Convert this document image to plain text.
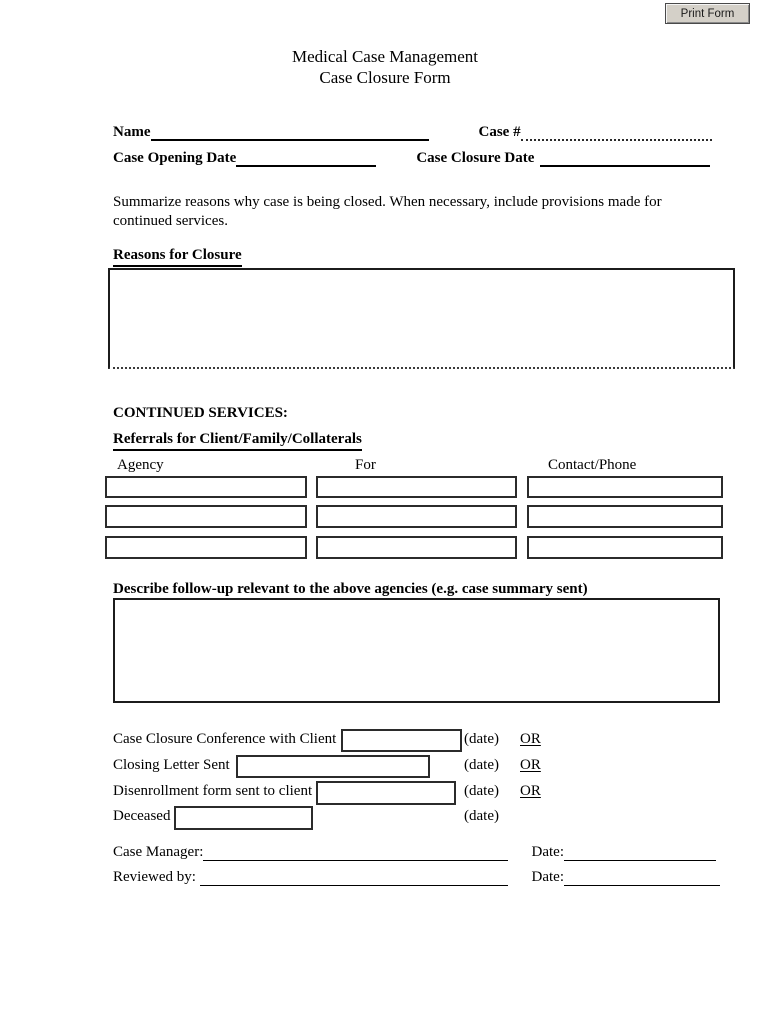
Print Form
Medical Case Management
Case Closure Form
Name	Case #
Case Opening Date	Case Closure Date
Summarize reasons why case is being closed. When necessary, include provisions made for continued services.
Reasons for Closure
CONTINUED SERVICES:
Referrals for Client/Family/Collaterals
Agency	For	Contact/Phone
Describe follow-up relevant to the above agencies (e.g. case summary sent)
Case Closure Conference with Client	(date) OR
Closing Letter Sent	(date) OR
Disenrollment form sent to client	(date) OR
Deceased	(date)
Case Manager:	Date:
Reviewed by:	Date:
